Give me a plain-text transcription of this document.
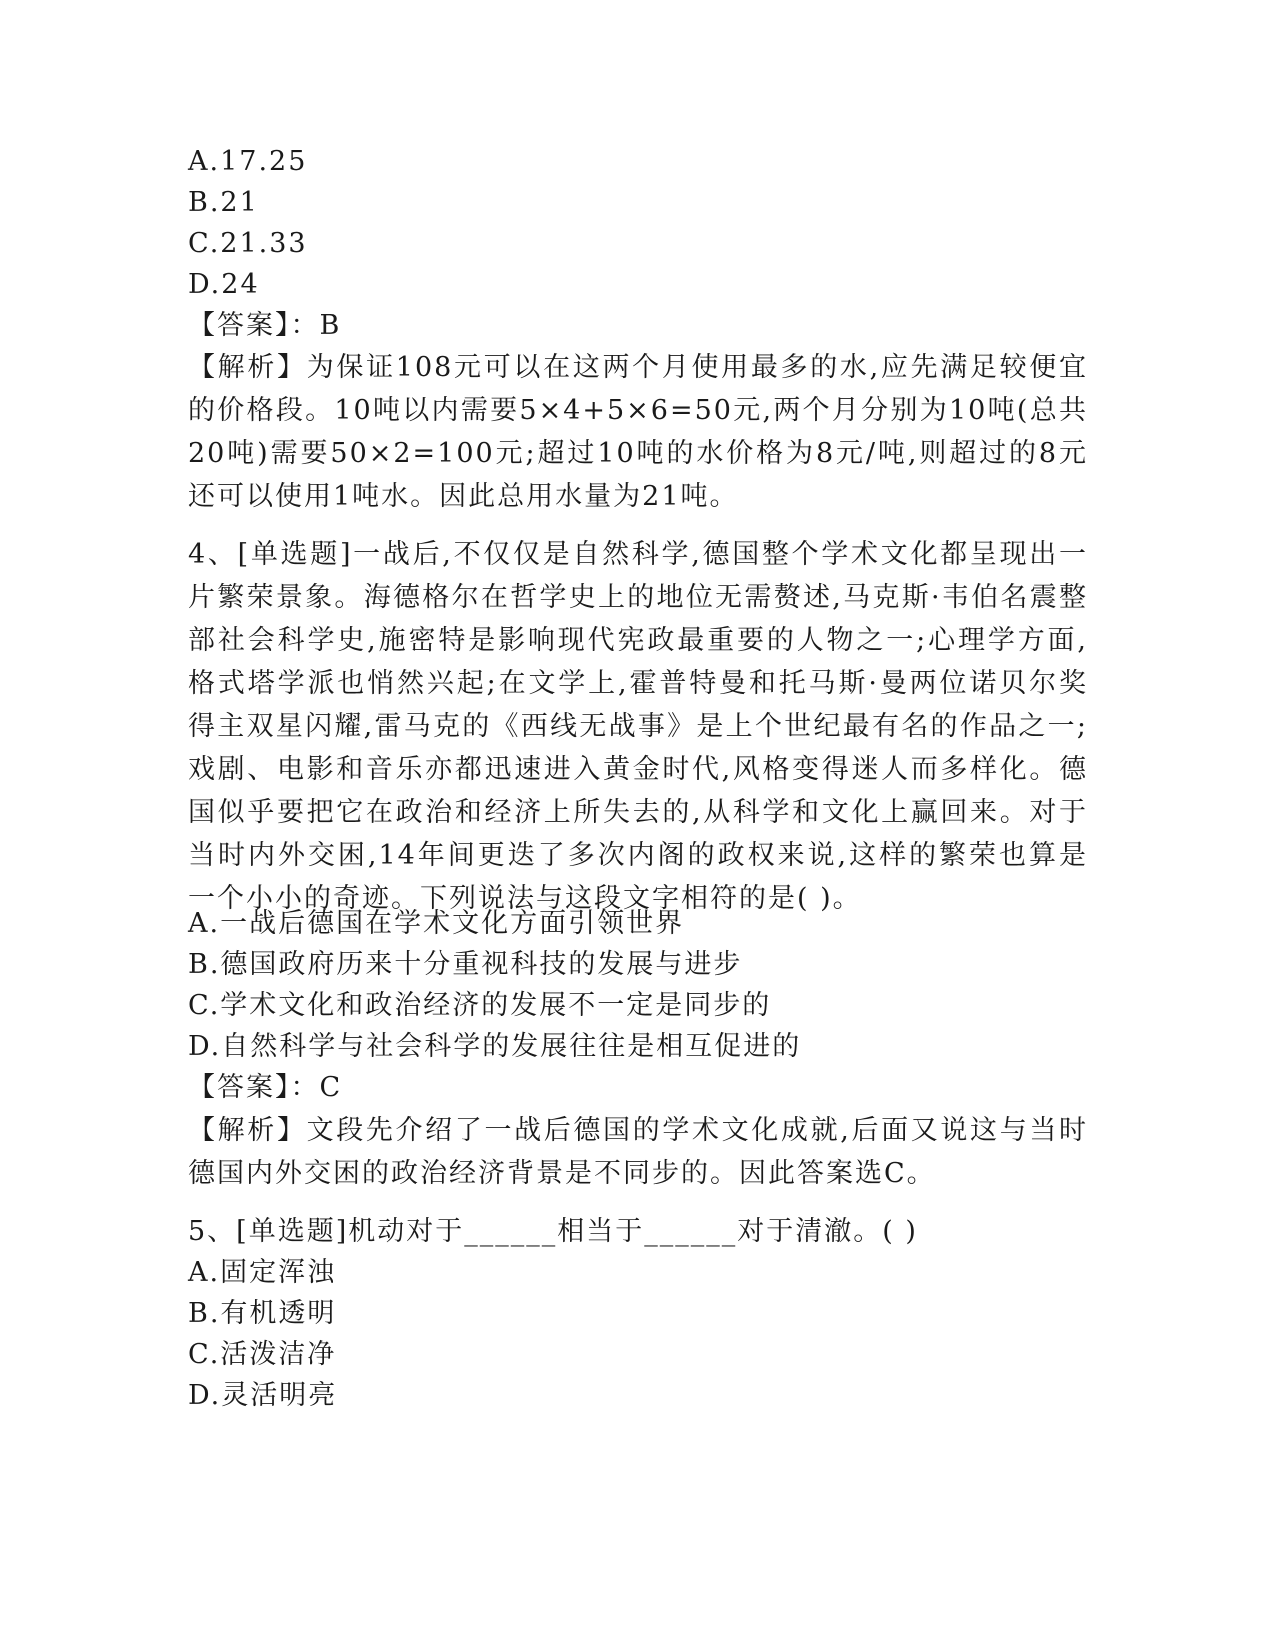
A.17.25
B.21
C.21.33
D.24
【答案】：B
【解析】为保证108元可以在这两个月使用最多的水,应先满足较便宜的价格段。10吨以内需要5×4+5×6=50元,两个月分别为10吨(总共20吨)需要50×2=100元;超过10吨的水价格为8元/吨,则超过的8元还可以使用1吨水。因此总用水量为21吨。
4、[单选题]一战后,不仅仅是自然科学,德国整个学术文化都呈现出一片繁荣景象。海德格尔在哲学史上的地位无需赘述,马克斯·韦伯名震整部社会科学史,施密特是影响现代宪政最重要的人物之一;心理学方面,格式塔学派也悄然兴起;在文学上,霍普特曼和托马斯·曼两位诺贝尔奖得主双星闪耀,雷马克的《西线无战事》是上个世纪最有名的作品之一;戏剧、电影和音乐亦都迅速进入黄金时代,风格变得迷人而多样化。德国似乎要把它在政治和经济上所失去的,从科学和文化上赢回来。对于当时内外交困,14年间更迭了多次内阁的政权来说,这样的繁荣也算是一个小小的奇迹。下列说法与这段文字相符的是( )。
A.一战后德国在学术文化方面引领世界
B.德国政府历来十分重视科技的发展与进步
C.学术文化和政治经济的发展不一定是同步的
D.自然科学与社会科学的发展往往是相互促进的
【答案】：C
【解析】文段先介绍了一战后德国的学术文化成就,后面又说这与当时德国内外交困的政治经济背景是不同步的。因此答案选C。
5、[单选题]机动对于______相当于______对于清澈。( )
A.固定浑浊
B.有机透明
C.活泼洁净
D.灵活明亮
